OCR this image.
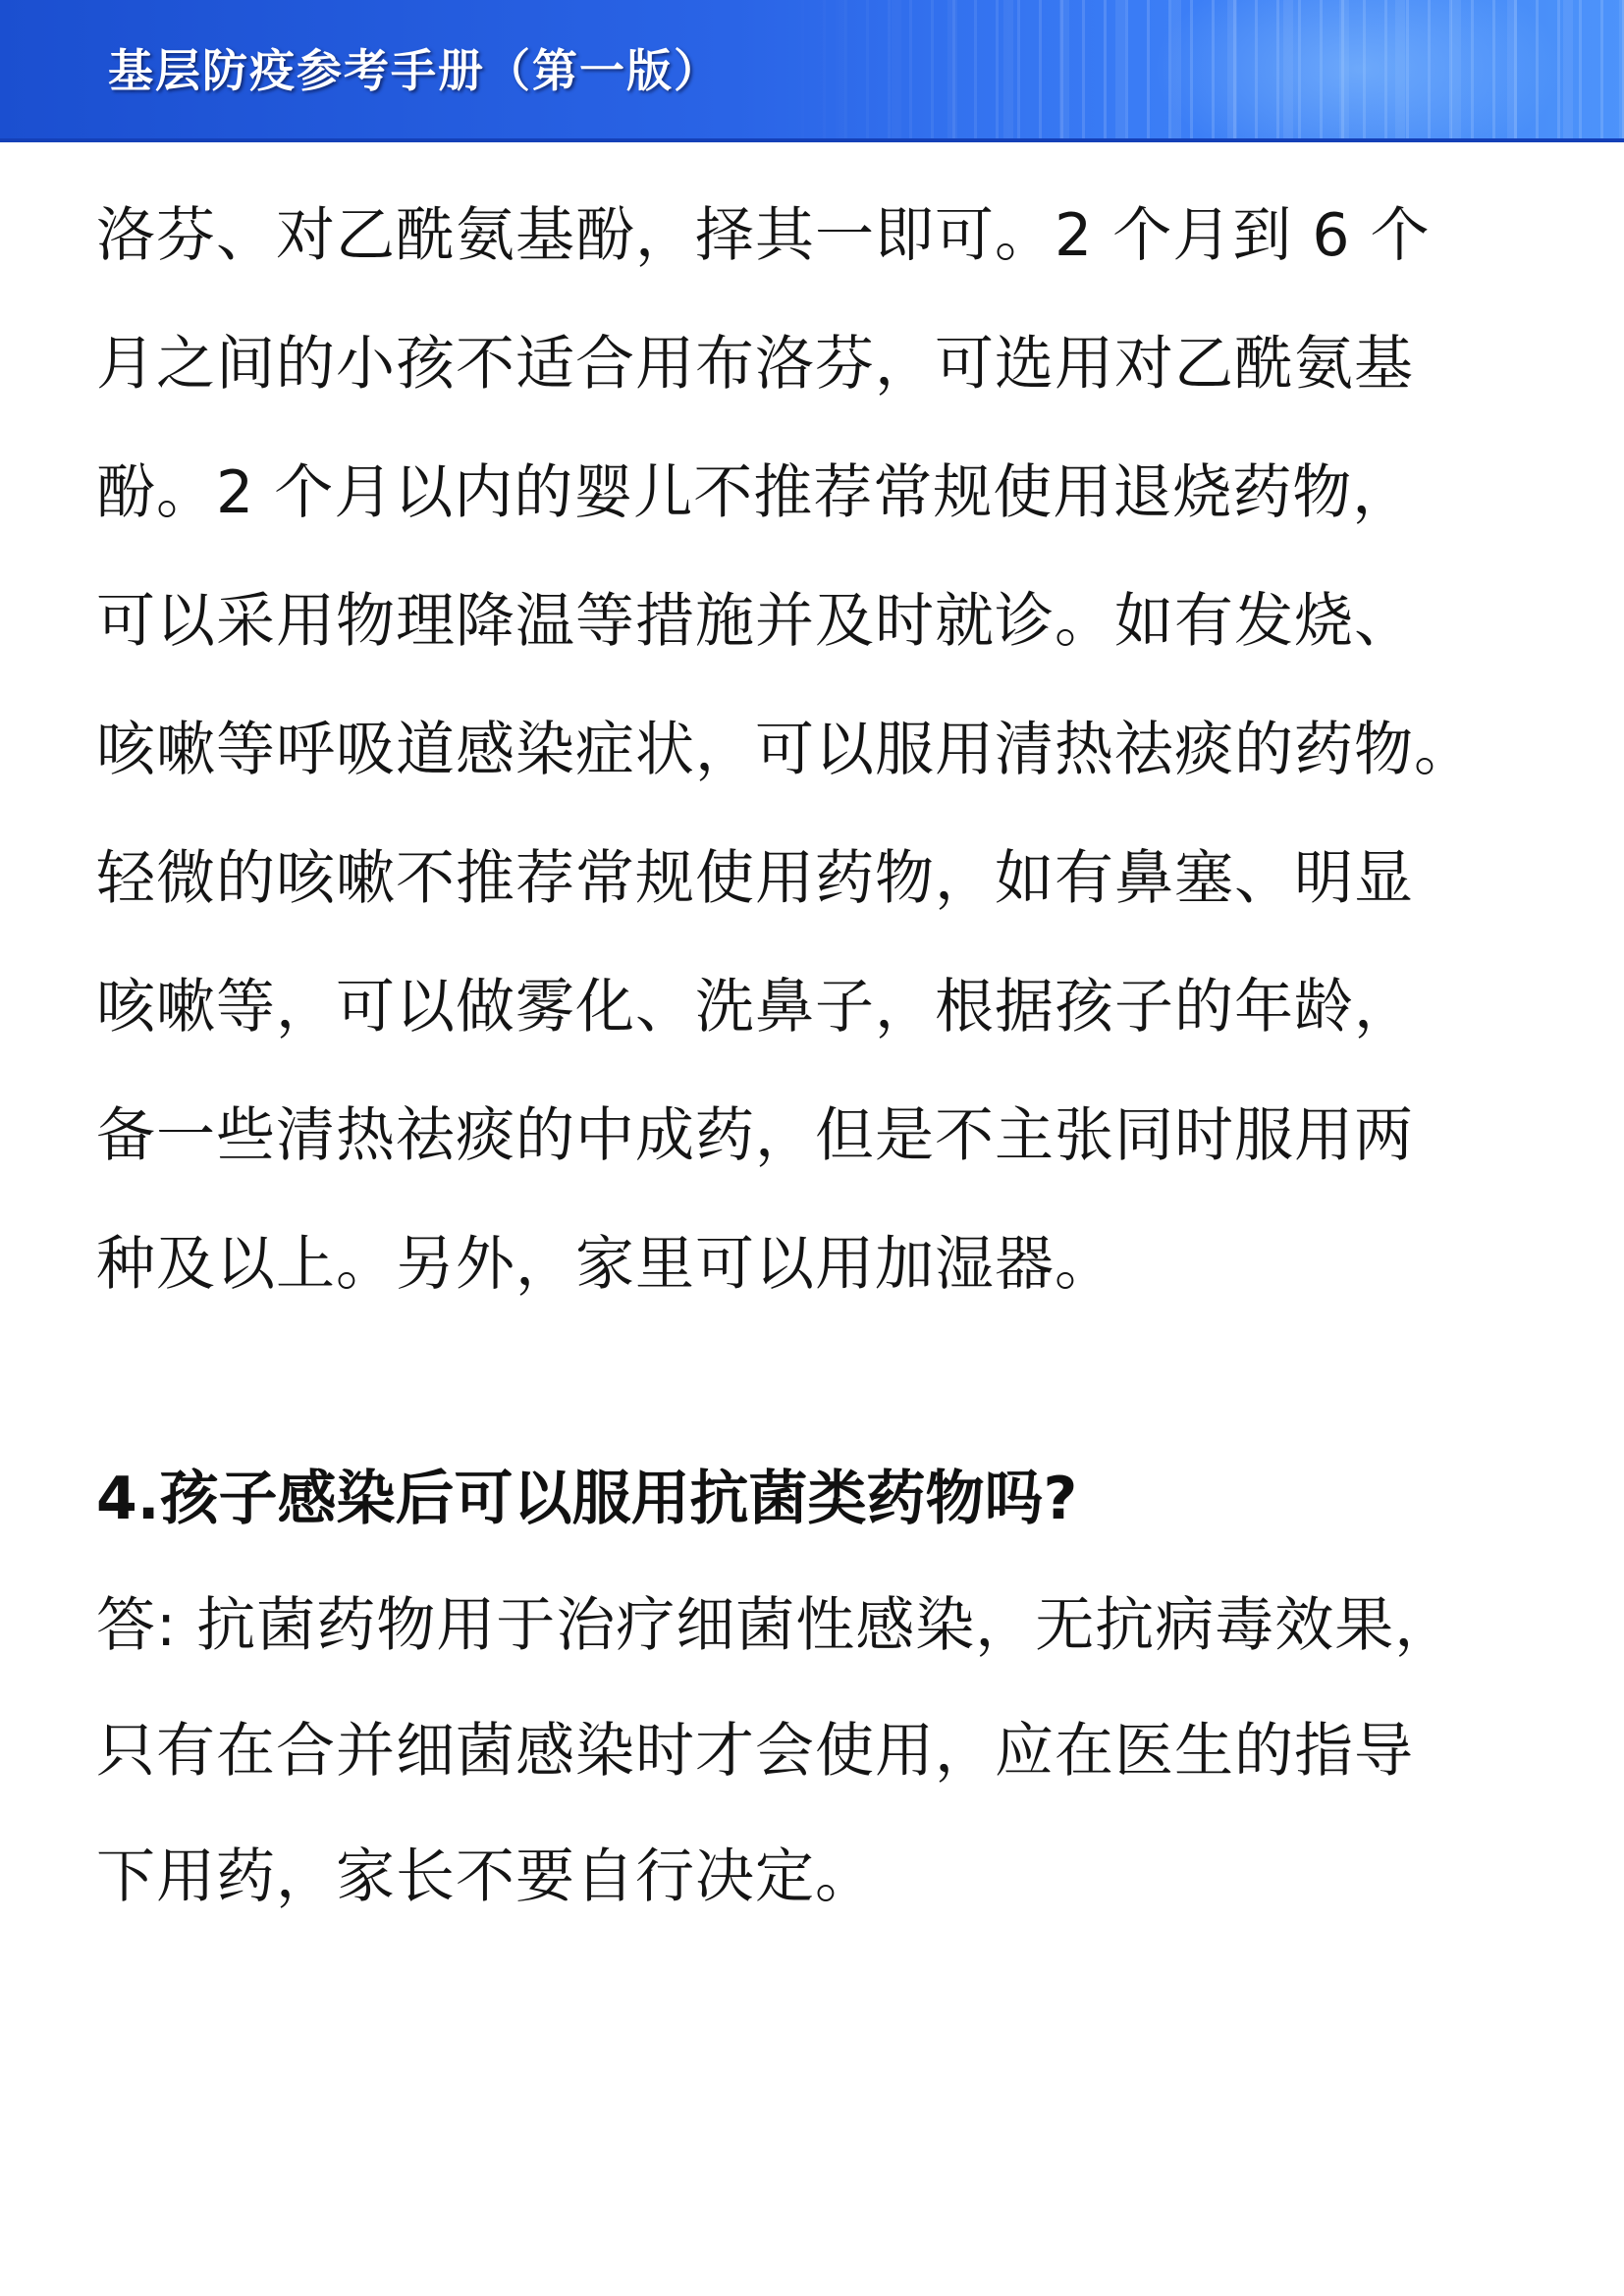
基层防疫参考手册（第一版）
洛芬、对乙酰氨基酚，择其一即可。2 个月到 6 个
月之间的小孩不适合用布洛芬，可选用对乙酰氨基
酚。2 个月以内的婴儿不推荐常规使用退烧药物，
可以采用物理降温等措施并及时就诊。如有发烧、
咳嗽等呼吸道感染症状，可以服用清热祛痰的药物。
轻微的咳嗽不推荐常规使用药物，如有鼻塞、明显
咳嗽等，可以做雾化、洗鼻子，根据孩子的年龄，
备一些清热祛痰的中成药，但是不主张同时服用两
种及以上。另外，家里可以用加湿器。
4.孩子感染后可以服用抗菌类药物吗?
答: 抗菌药物用于治疗细菌性感染，无抗病毒效果，
只有在合并细菌感染时才会使用，应在医生的指导
下用药，家长不要自行决定。
